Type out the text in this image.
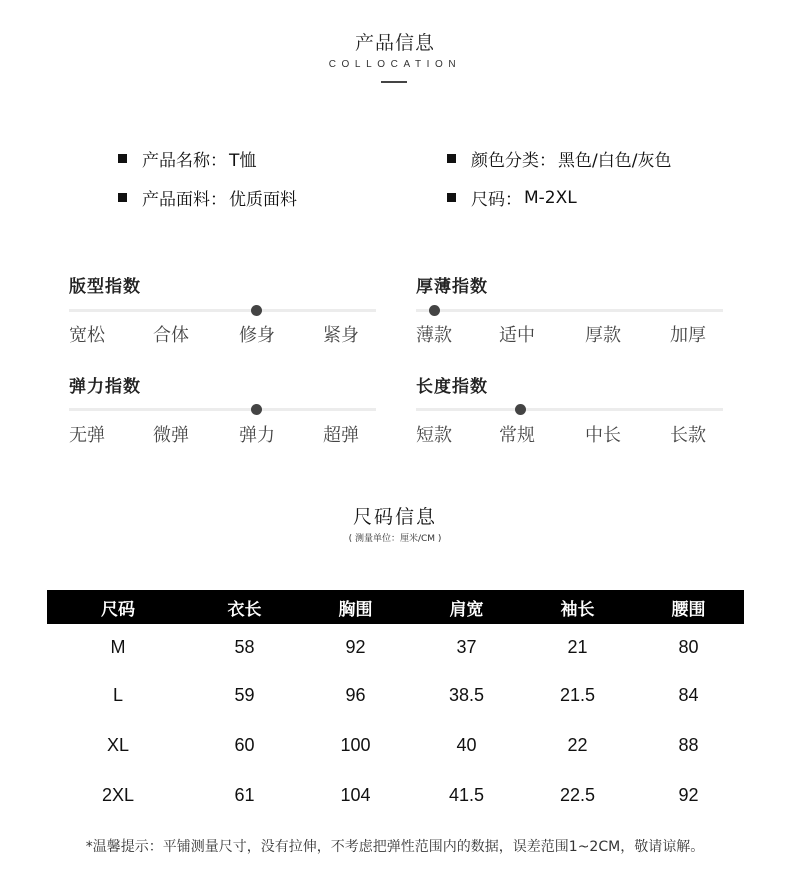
产品信息
COLLOCATION
产品名称： T恤	颜色分类： 黑色/白色/灰色
产品面料： 优质面料	尺码： M-2XL
版型指数
宽松	合体	修身	紧身
厚薄指数
薄款	适中	厚款	加厚
弹力指数
无弹	微弹	弹力	超弹
长度指数
短款	常规	中长	长款
尺码信息
( 测量单位：厘米/CM )
尺码	衣长	胸围	肩宽	袖长	腰围
M	58	92	37	21	80
L	59	96	38.5	21.5	84
XL	60	100	40	22	88
2XL	61	104	41.5	22.5	92
*温馨提示：平铺测量尺寸，没有拉伸，不考虑把弹性范围内的数据，误差范围1~2CM，敬请谅解。
